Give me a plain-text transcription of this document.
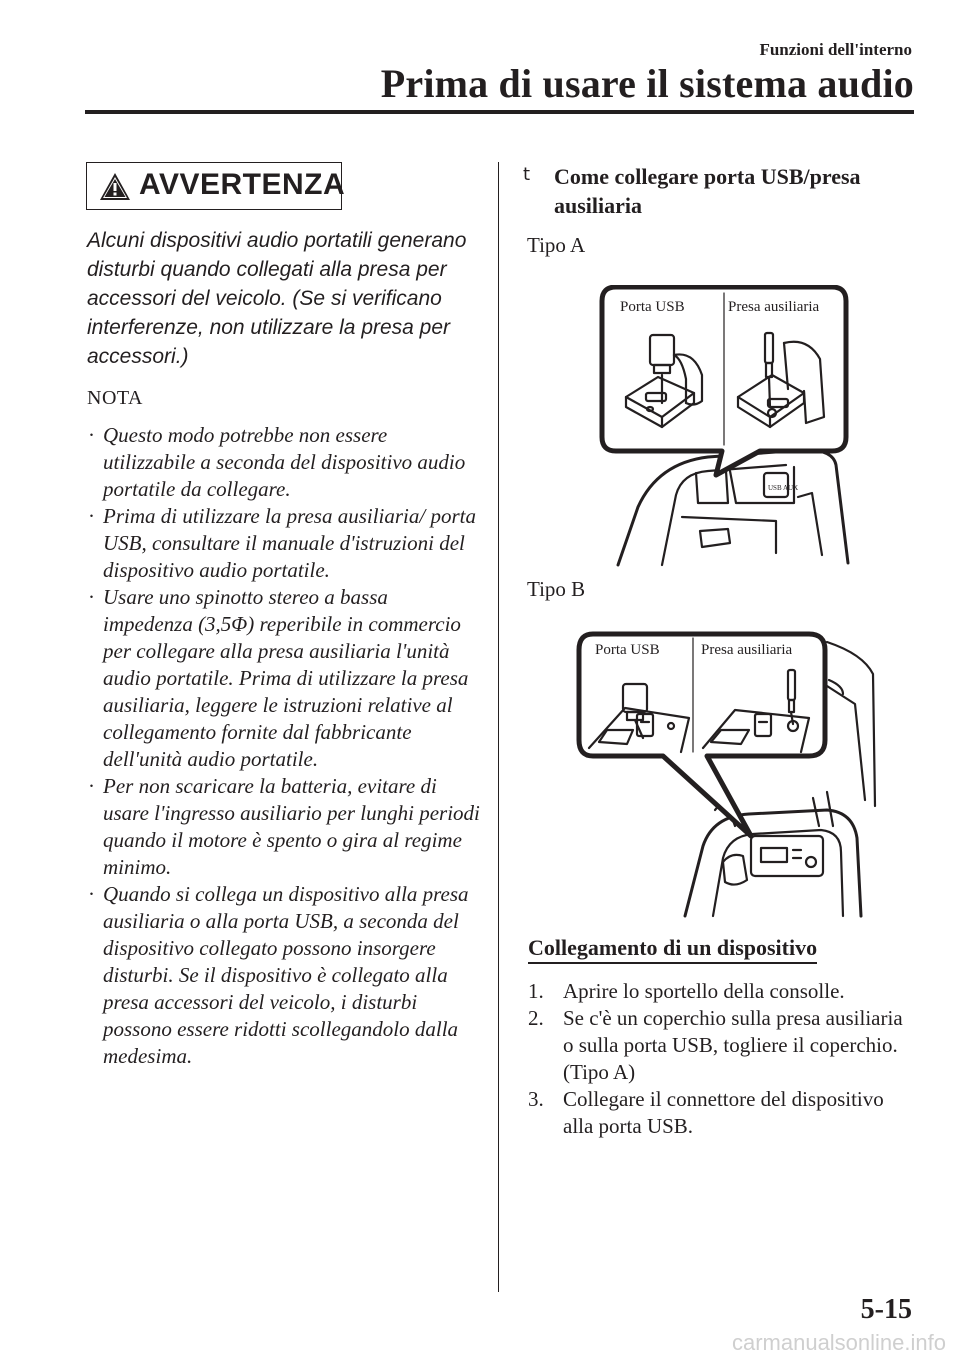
Funzioni dell'interno
Prima di usare il sistema audio
AVVERTENZA
Alcuni dispositivi audio portatili generano disturbi quando collegati alla presa per accessori del veicolo. (Se si verificano interferenze, non utilizzare la presa per accessori.)
NOTA
· Questo modo potrebbe non essere utilizzabile a seconda del dispositivo audio portatile da collegare.
· Prima di utilizzare la presa ausiliaria/ porta USB, consultare il manuale d'istruzioni del dispositivo audio portatile.
· Usare uno spinotto stereo a bassa impedenza (3,5Φ) reperibile in commercio per collegare alla presa ausiliaria l'unità audio portatile. Prima di utilizzare la presa ausiliaria, leggere le istruzioni relative al collegamento fornite dal fabbricante dell'unità audio portatile.
· Per non scaricare la batteria, evitare di usare l'ingresso ausiliario per lunghi periodi quando il motore è spento o gira al regime minimo.
· Quando si collega un dispositivo alla presa ausiliaria o alla porta USB, a seconda del dispositivo collegato possono insorgere disturbi. Se il dispositivo è collegato alla presa accessori del veicolo, i disturbi possono essere ridotti scollegandolo dalla medesima.
t Come collegare porta USB/presa ausiliaria
Tipo A
Porta USB	Presa ausiliaria
USB AUX
Tipo B
Porta USB	Presa ausiliaria
Collegamento di un dispositivo
1. Aprire lo sportello della consolle.
2. Se c'è un coperchio sulla presa ausiliaria o sulla porta USB, togliere il coperchio. (Tipo A)
3. Collegare il connettore del dispositivo alla porta USB.
5-15
carmanualsonline.info
